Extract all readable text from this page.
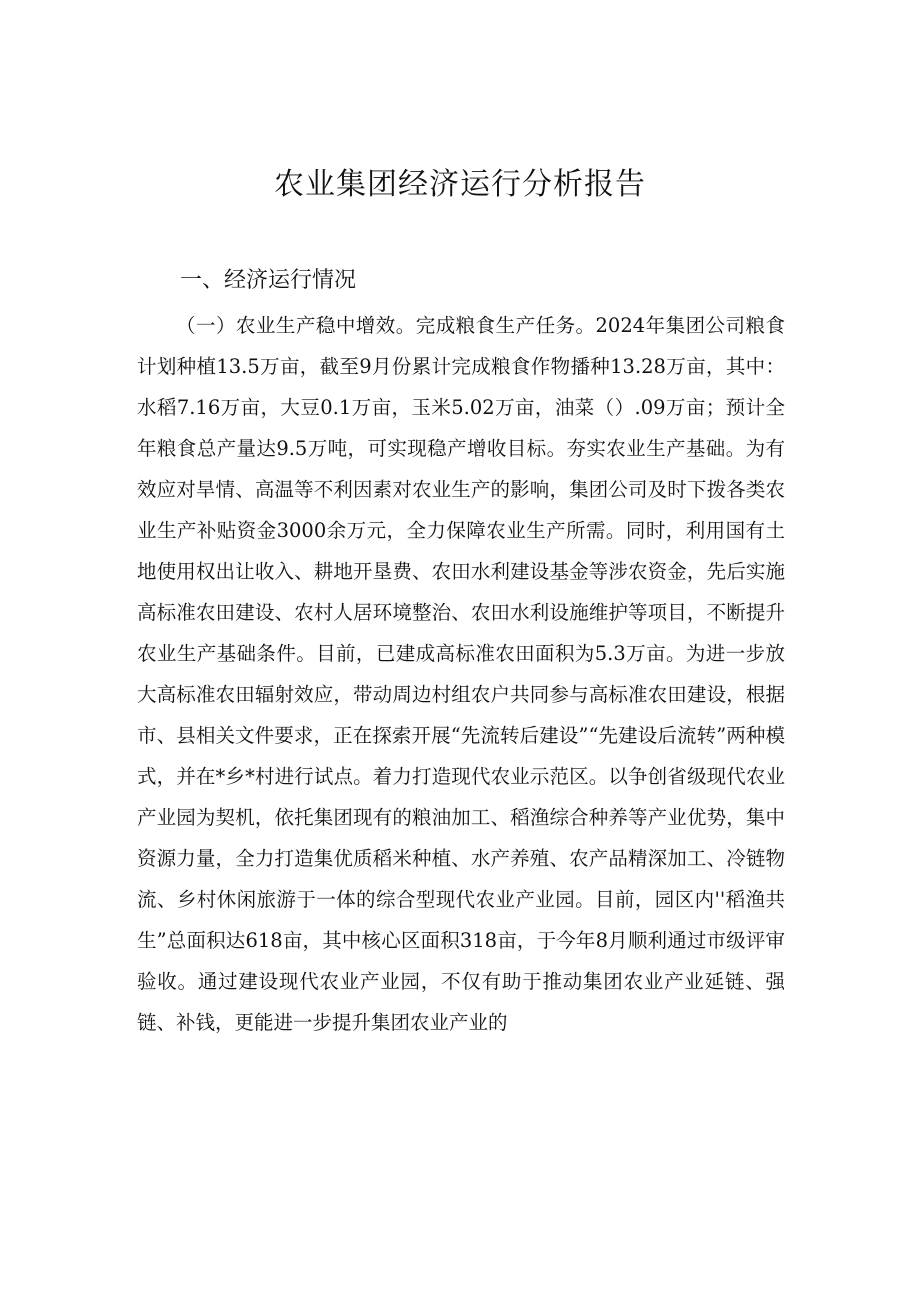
农业集团经济运行分析报告
一、经济运行情况

（一）农业生产稳中增效。完成粮食生产任务。2024年集团公司粮食计划种植13.5万亩，截至9月份累计完成粮食作物播种13.28万亩，其中：水稻7.16万亩，大豆0.1万亩，玉米5.02万亩，油菜（）.09万亩；预计全年粮食总产量达9.5万吨，可实现稳产增收目标。夯实农业生产基础。为有效应对旱情、高温等不利因素对农业生产的影响，集团公司及时下拨各类农业生产补贴资金3000余万元，全力保障农业生产所需。同时，利用国有土地使用权出让收入、耕地开垦费、农田水利建设基金等涉农资金，先后实施高标准农田建设、农村人居环境整治、农田水利设施维护等项目，不断提升农业生产基础条件。目前，已建成高标准农田面积为5.3万亩。为进一步放大高标准农田辐射效应，带动周边村组农户共同参与高标准农田建设，根据市、县相关文件要求，正在探索开展“先流转后建设”“先建设后流转”两种模式，并在*乡*村进行试点。着力打造现代农业示范区。以争创省级现代农业产业园为契机，依托集团现有的粮油加工、稻渔综合种养等产业优势，集中资源力量，全力打造集优质稻米种植、水产养殖、农产品精深加工、冷链物流、乡村休闲旅游于一体的综合型现代农业产业园。目前，园区内''稻渔共生”总面积达618亩，其中核心区面积318亩，于今年8月顺利通过市级评审验收。通过建设现代农业产业园，不仅有助于推动集团农业产业延链、强链、补钱，更能进一步提升集团农业产业的
